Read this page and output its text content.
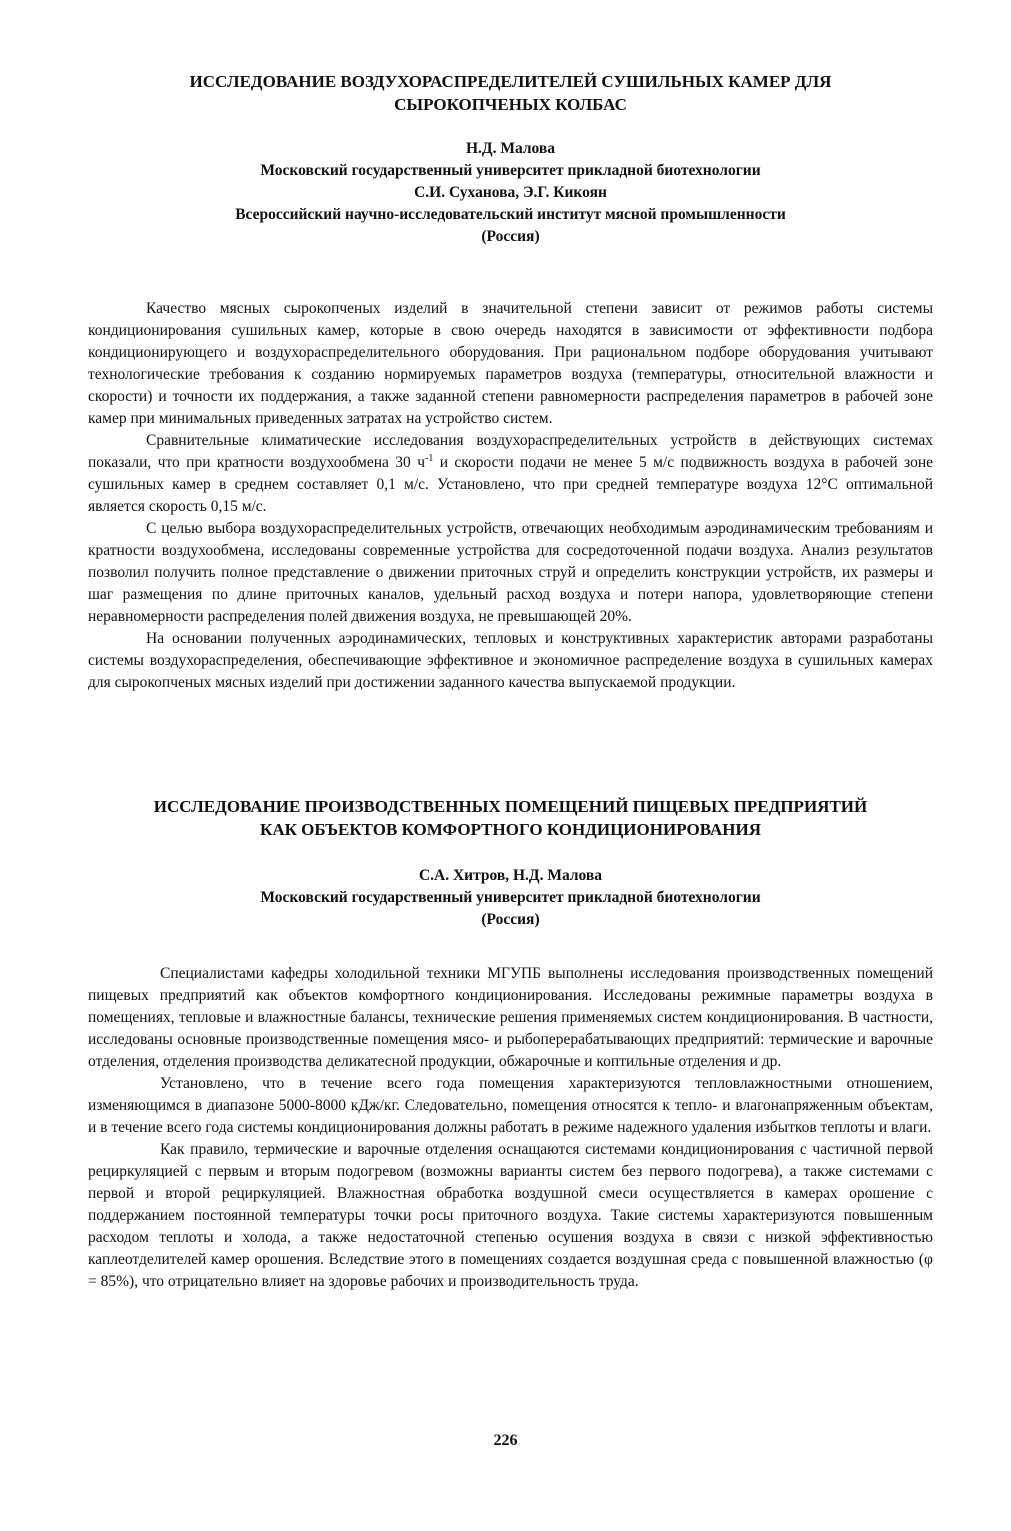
ИССЛЕДОВАНИЕ ВОЗДУХОРАСПРЕДЕЛИТЕЛЕЙ СУШИЛЬНЫХ КАМЕР ДЛЯ
СЫРОКОПЧЕНЫХ КОЛБАС
Н.Д. Малова
Московский государственный университет прикладной биотехнологии
С.И. Суханова, Э.Г. Кикоян
Всероссийский научно-исследовательский институт мясной промышленности
(Россия)

Качество мясных сырокопченых изделий в значительной степени зависит от режимов работы системы кондиционирования сушильных камер, которые в свою очередь находятся в зависимости от эффективности подбора кондиционирующего и воздухораспределительного оборудования. При рациональном подборе оборудования учитывают технологические требования к созданию нормируемых параметров воздуха (температуры, относительной влажности и скорости) и точности их поддержания, а также заданной степени равномерности распределения параметров в рабочей зоне камер при минимальных приведенных затратах на устройство систем.

Сравнительные климатические исследования воздухораспределительных устройств в действующих системах показали, что при кратности воздухообмена 30 $ч^{-1}$ и скорости подачи не менее 5 м/с подвижность воздуха в рабочей зоне сушильных камер в среднем составляет 0,1 м/с. Установлено, что при средней температуре воздуха 12°С оптимальной является скорость 0,15 м/с.

С целью выбора воздухораспределительных устройств, отвечающих необходимым аэродинамическим требованиям и кратности воздухообмена, исследованы современные устройства для сосредоточенной подачи воздуха. Анализ результатов позволил получить полное представление о движении приточных струй и определить конструкции устройств, их размеры и шаг размещения по длине приточных каналов, удельный расход воздуха и потери напора, удовлетворяющие степени неравномерности распределения полей движения воздуха, не превышающей 20%.

На основании полученных аэродинамических, тепловых и конструктивных характеристик авторами разработаны системы воздухораспределения, обеспечивающие эффективное и экономичное распределение воздуха в сушильных камерах для сырокопченых мясных изделий при достижении заданного качества выпускаемой продукции.

ИССЛЕДОВАНИЕ ПРОИЗВОДСТВЕННЫХ ПОМЕЩЕНИЙ ПИЩЕВЫХ ПРЕДПРИЯТИЙ
КАК ОБЪЕКТОВ КОМФОРТНОГО КОНДИЦИОНИРОВАНИЯ
С.А. Хитров, Н.Д. Малова
Московский государственный университет прикладной биотехнологии
(Россия)

Специалистами кафедры холодильной техники МГУПБ выполнены исследования производственных помещений пищевых предприятий как объектов комфортного кондиционирования. Исследованы режимные параметры воздуха в помещениях, тепловые и влажностные балансы, технические решения применяемых систем кондиционирования. В частности, исследованы основные производственные помещения мясо- и рыбоперерабатывающих предприятий: термические и варочные отделения, отделения производства деликатесной продукции, обжарочные и коптильные отделения и др.

Установлено, что в течение всего года помещения характеризуются тепловлажностными отношением, изменяющимся в диапазоне 5000-8000 кДж/кг. Следовательно, помещения относятся к тепло- и влагонапряженным объектам, и в течение всего года системы кондиционирования должны работать в режиме надежного удаления избытков теплоты и влаги.

Как правило, термические и варочные отделения оснащаются системами кондиционирования с частичной первой рециркуляцией с первым и вторым подогревом (возможны варианты систем без первого подогрева), а также системами с первой и второй рециркуляцией. Влажностная обработка воздушной смеси осуществляется в камерах орошение с поддержанием постоянной температуры точки росы приточного воздуха. Такие системы характеризуются повышенным расходом теплоты и холода, а также недостаточной степенью осушения воздуха в связи с низкой эффективностью каплеотделителей камер орошения. Вследствие этого в помещениях создается воздушная среда с повышенной влажностью (φ = 85%), что отрицательно влияет на здоровье рабочих и производительность труда.

226
